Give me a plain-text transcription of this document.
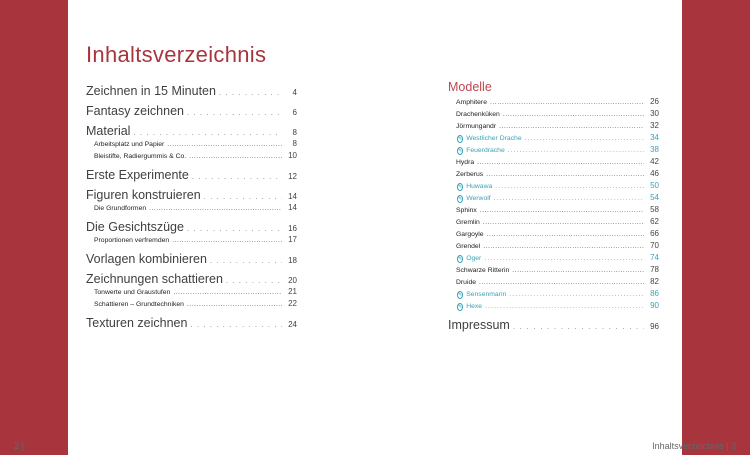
Inhaltsverzeichnis
Zeichnen in 15 Minuten . . .	4
Fantasy zeichnen . . .	6
Material . . .	8
Arbeitsplatz und Papier .....	8
Bleistifte, Radiergummis & Co. .....	10
Erste Experimente . . .	12
Figuren konstruieren . . .	14
Die Grundformen .....	14
Die Gesichtszüge . . .	16
Proportionen verfremden .....	17
Vorlagen kombinieren . . .	18
Zeichnungen schattieren . . .	20
Tonwerte und Graustufen .....	21
Schattieren – Grundtechniken .....	22
Texturen zeichnen . . .	24
Modelle
Amphitere .....	26
Drachenküken .....	30
Jörmungandr .....	32
✎ Westlicher Drache .....	34
✎ Feuerdrache .....	38
Hydra .....	42
Zerberus .....	46
✎ Huwawa .....	50
✎ Werwolf .....	54
Sphinx .....	58
Gremlin .....	62
Gargoyle .....	66
Grendel .....	70
✎ Oger .....	74
Schwarze Ritterin .....	78
Druide .....	82
✎ Sensenmann .....	86
✎ Hexe .....	90
Impressum . . .	96
2 |	Inhaltsverzeichnis | 3
